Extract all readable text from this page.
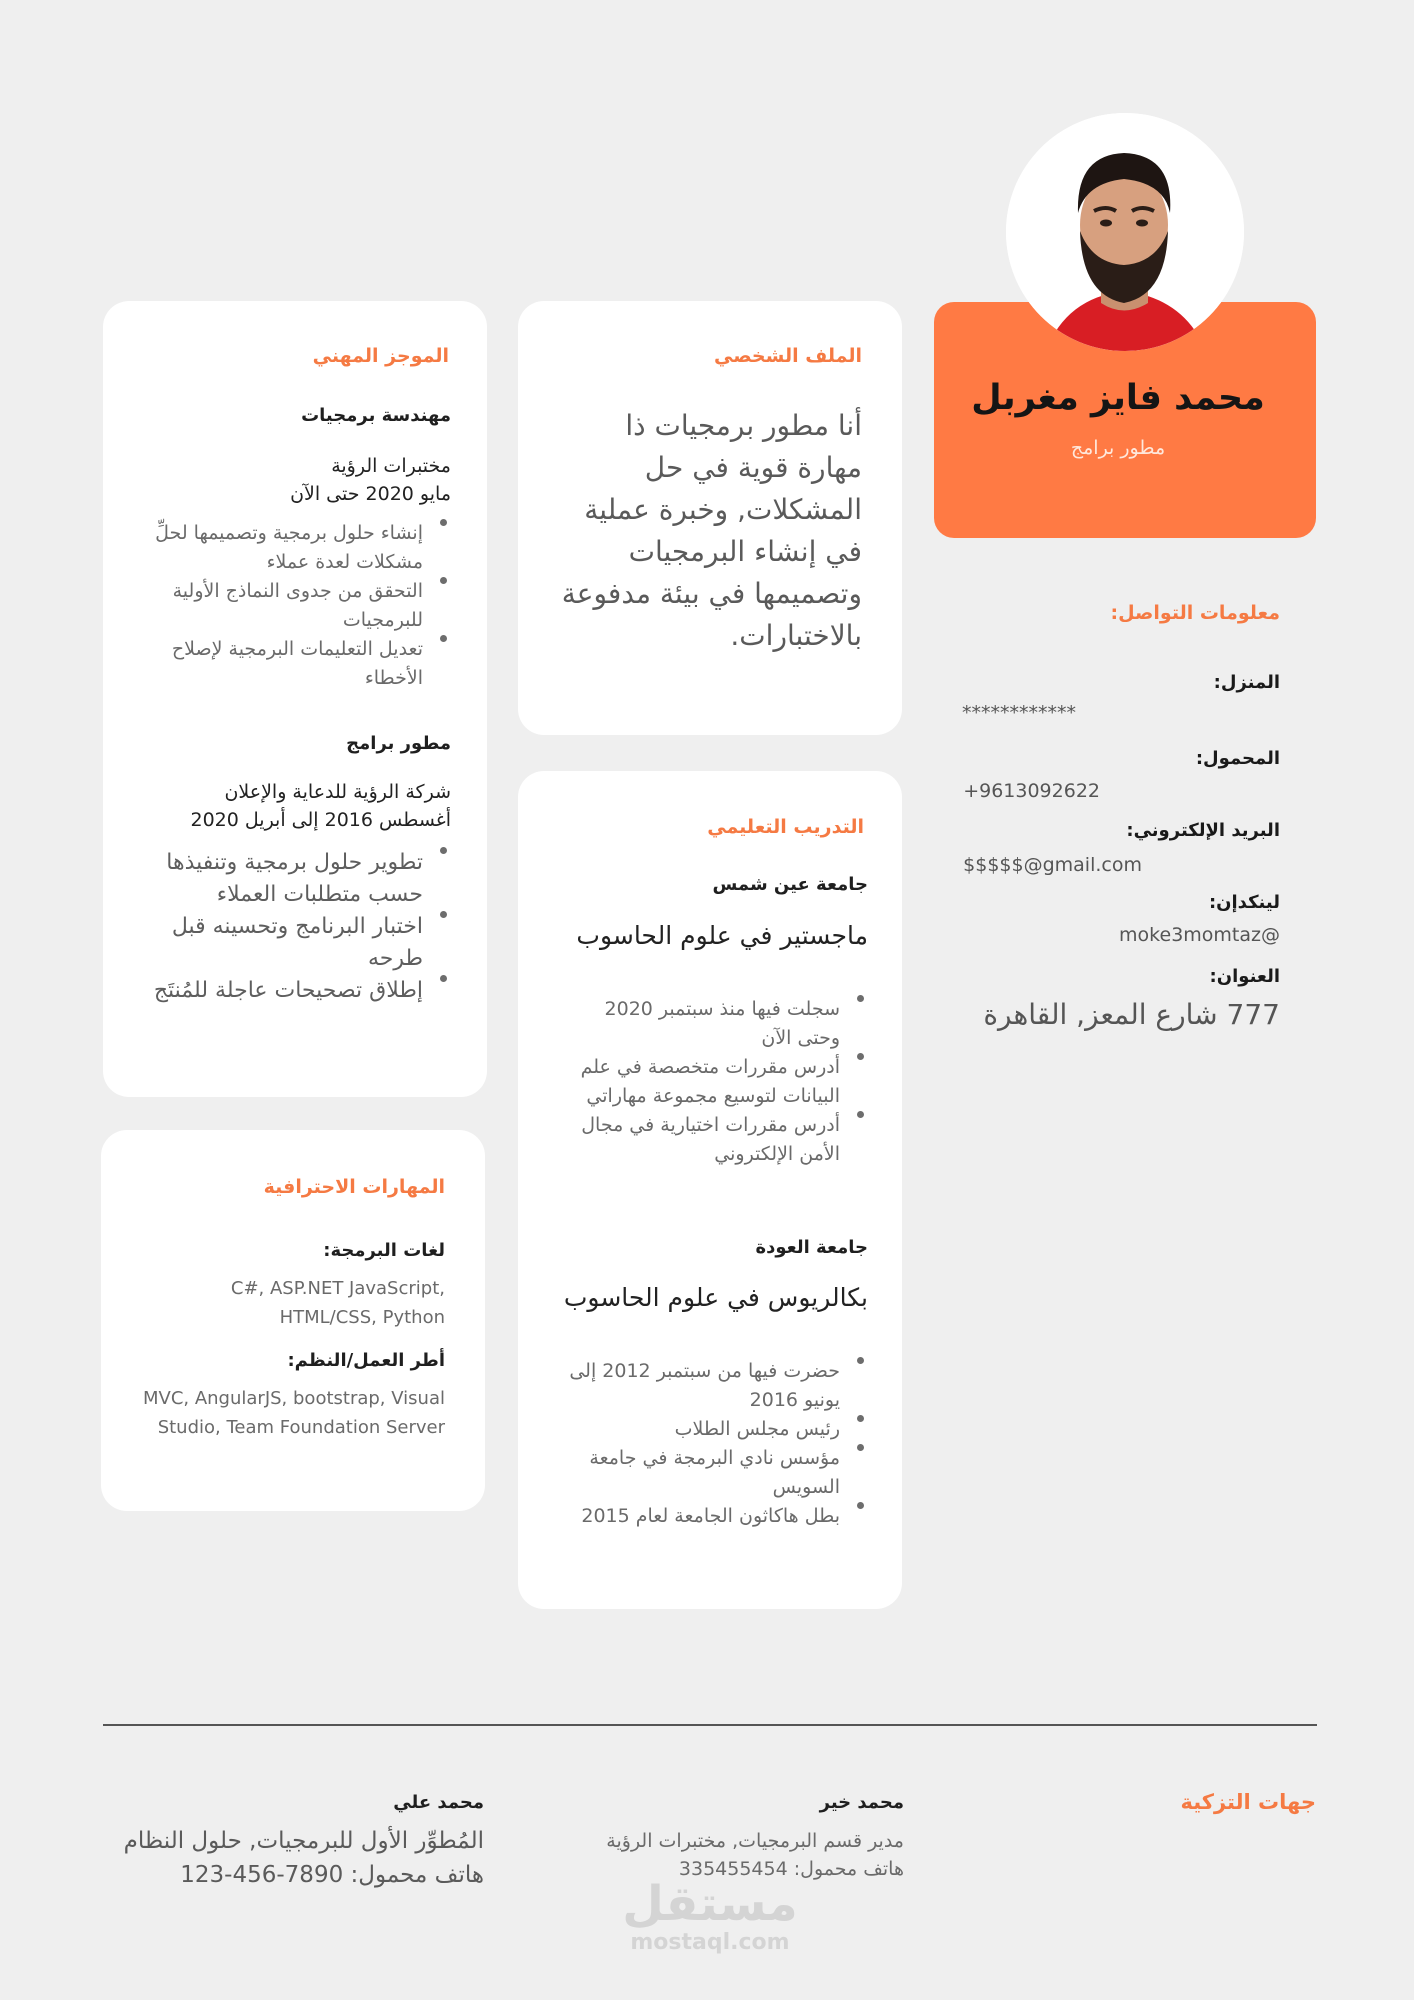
محمد فايز مغربل
مطور برامج
معلومات التواصل:
المنزل:
************
المحمول:
+9613092622
البريد الإلكتروني:
$$$$$@gmail.com
لينكدإن:
moke3momtaz@
العنوان:
777 شارع المعز, القاهرة
الملف الشخصي
أنا مطور برمجيات ذا مهارة قوية في حل المشكلات, وخبرة عملية في إنشاء البرمجيات وتصميمها في بيئة مدفوعة بالاختبارات.
التدريب التعليمي
جامعة عين شمس
ماجستير في علوم الحاسوب
سجلت فيها منذ سبتمبر 2020 وحتى الآن
أدرس مقررات متخصصة في علم البيانات لتوسيع مجموعة مهاراتي
أدرس مقررات اختيارية في مجال الأمن الإلكتروني
جامعة العودة
بكالريوس في علوم الحاسوب
حضرت فيها من سبتمبر 2012 إلى يونيو 2016
رئيس مجلس الطلاب
مؤسس نادي البرمجة في جامعة السويس
بطل هاكاثون الجامعة لعام 2015
الموجز المهني
مهندسة برمجيات
مختبرات الرؤية
مايو 2020 حتى الآن
إنشاء حلول برمجية وتصميمها لحلِّ مشكلات لعدة عملاء
التحقق من جدوى النماذج الأولية للبرمجيات
تعديل التعليمات البرمجية لإصلاح الأخطاء
مطور برامج
شركة الرؤية للدعاية والإعلان
أغسطس 2016 إلى أبريل 2020
تطوير حلول برمجية وتنفيذها حسب متطلبات العملاء
اختبار البرنامج وتحسينه قبل طرحه
إطلاق تصحيحات عاجلة للمُنتَج
المهارات الاحترافية
لغات البرمجة:
C#, ASP.NET JavaScript, HTML/CSS, Python
أطر العمل/النظم:
MVC, AngularJS, bootstrap, Visual Studio, Team Foundation Server
جهات التزكية
محمد خير
مدير قسم البرمجيات, مختبرات الرؤية
هاتف محمول: 335455454
محمد علي
المُطوِّر الأول للبرمجيات, حلول النظام
هاتف محمول: 7890-456-123
مستقل
mostaql.com
